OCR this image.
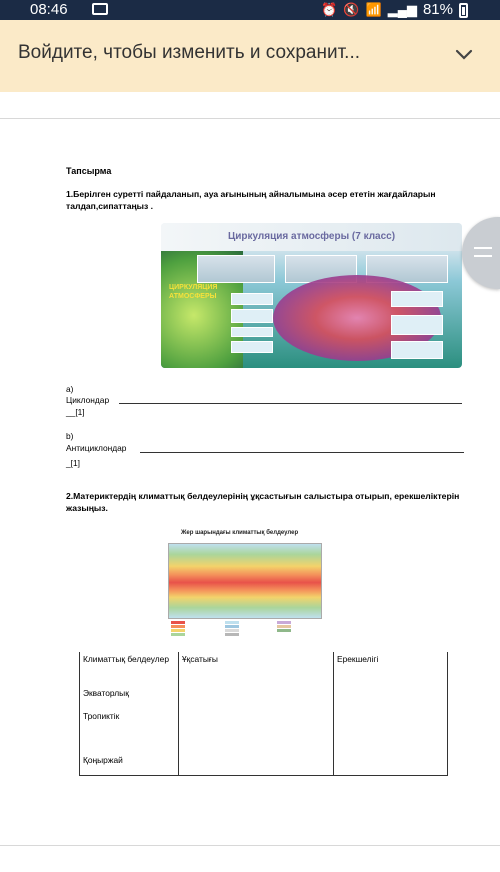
08:46	⏰ 🔇 📶 ▂▄▆ 81%
Войдите, чтобы изменить и сохранит...
Тапсырма
1.Берілген суретті пайдаланып, ауа ағынының айналымына әсер ететін жағдайларын талдап,сипаттаңыз .
Циркуляция атмосферы (7 класс)
ЦИРКУЛЯЦИЯ
АТМОСФЕРЫ
а)
Циклондар
__[1]
b)
Антициклондар
_[1]
2.Материктердің климаттық белдеулерінің ұқсастығын салыстыра отырып, ерекшеліктерін жазыңыз.
Жер шарындағы климаттық белдеулер
Климаттық белдеулер	Ұқсатығы	Ерекшелігі
Экваторлық		
Тропиктік		
Қоңыржай		
